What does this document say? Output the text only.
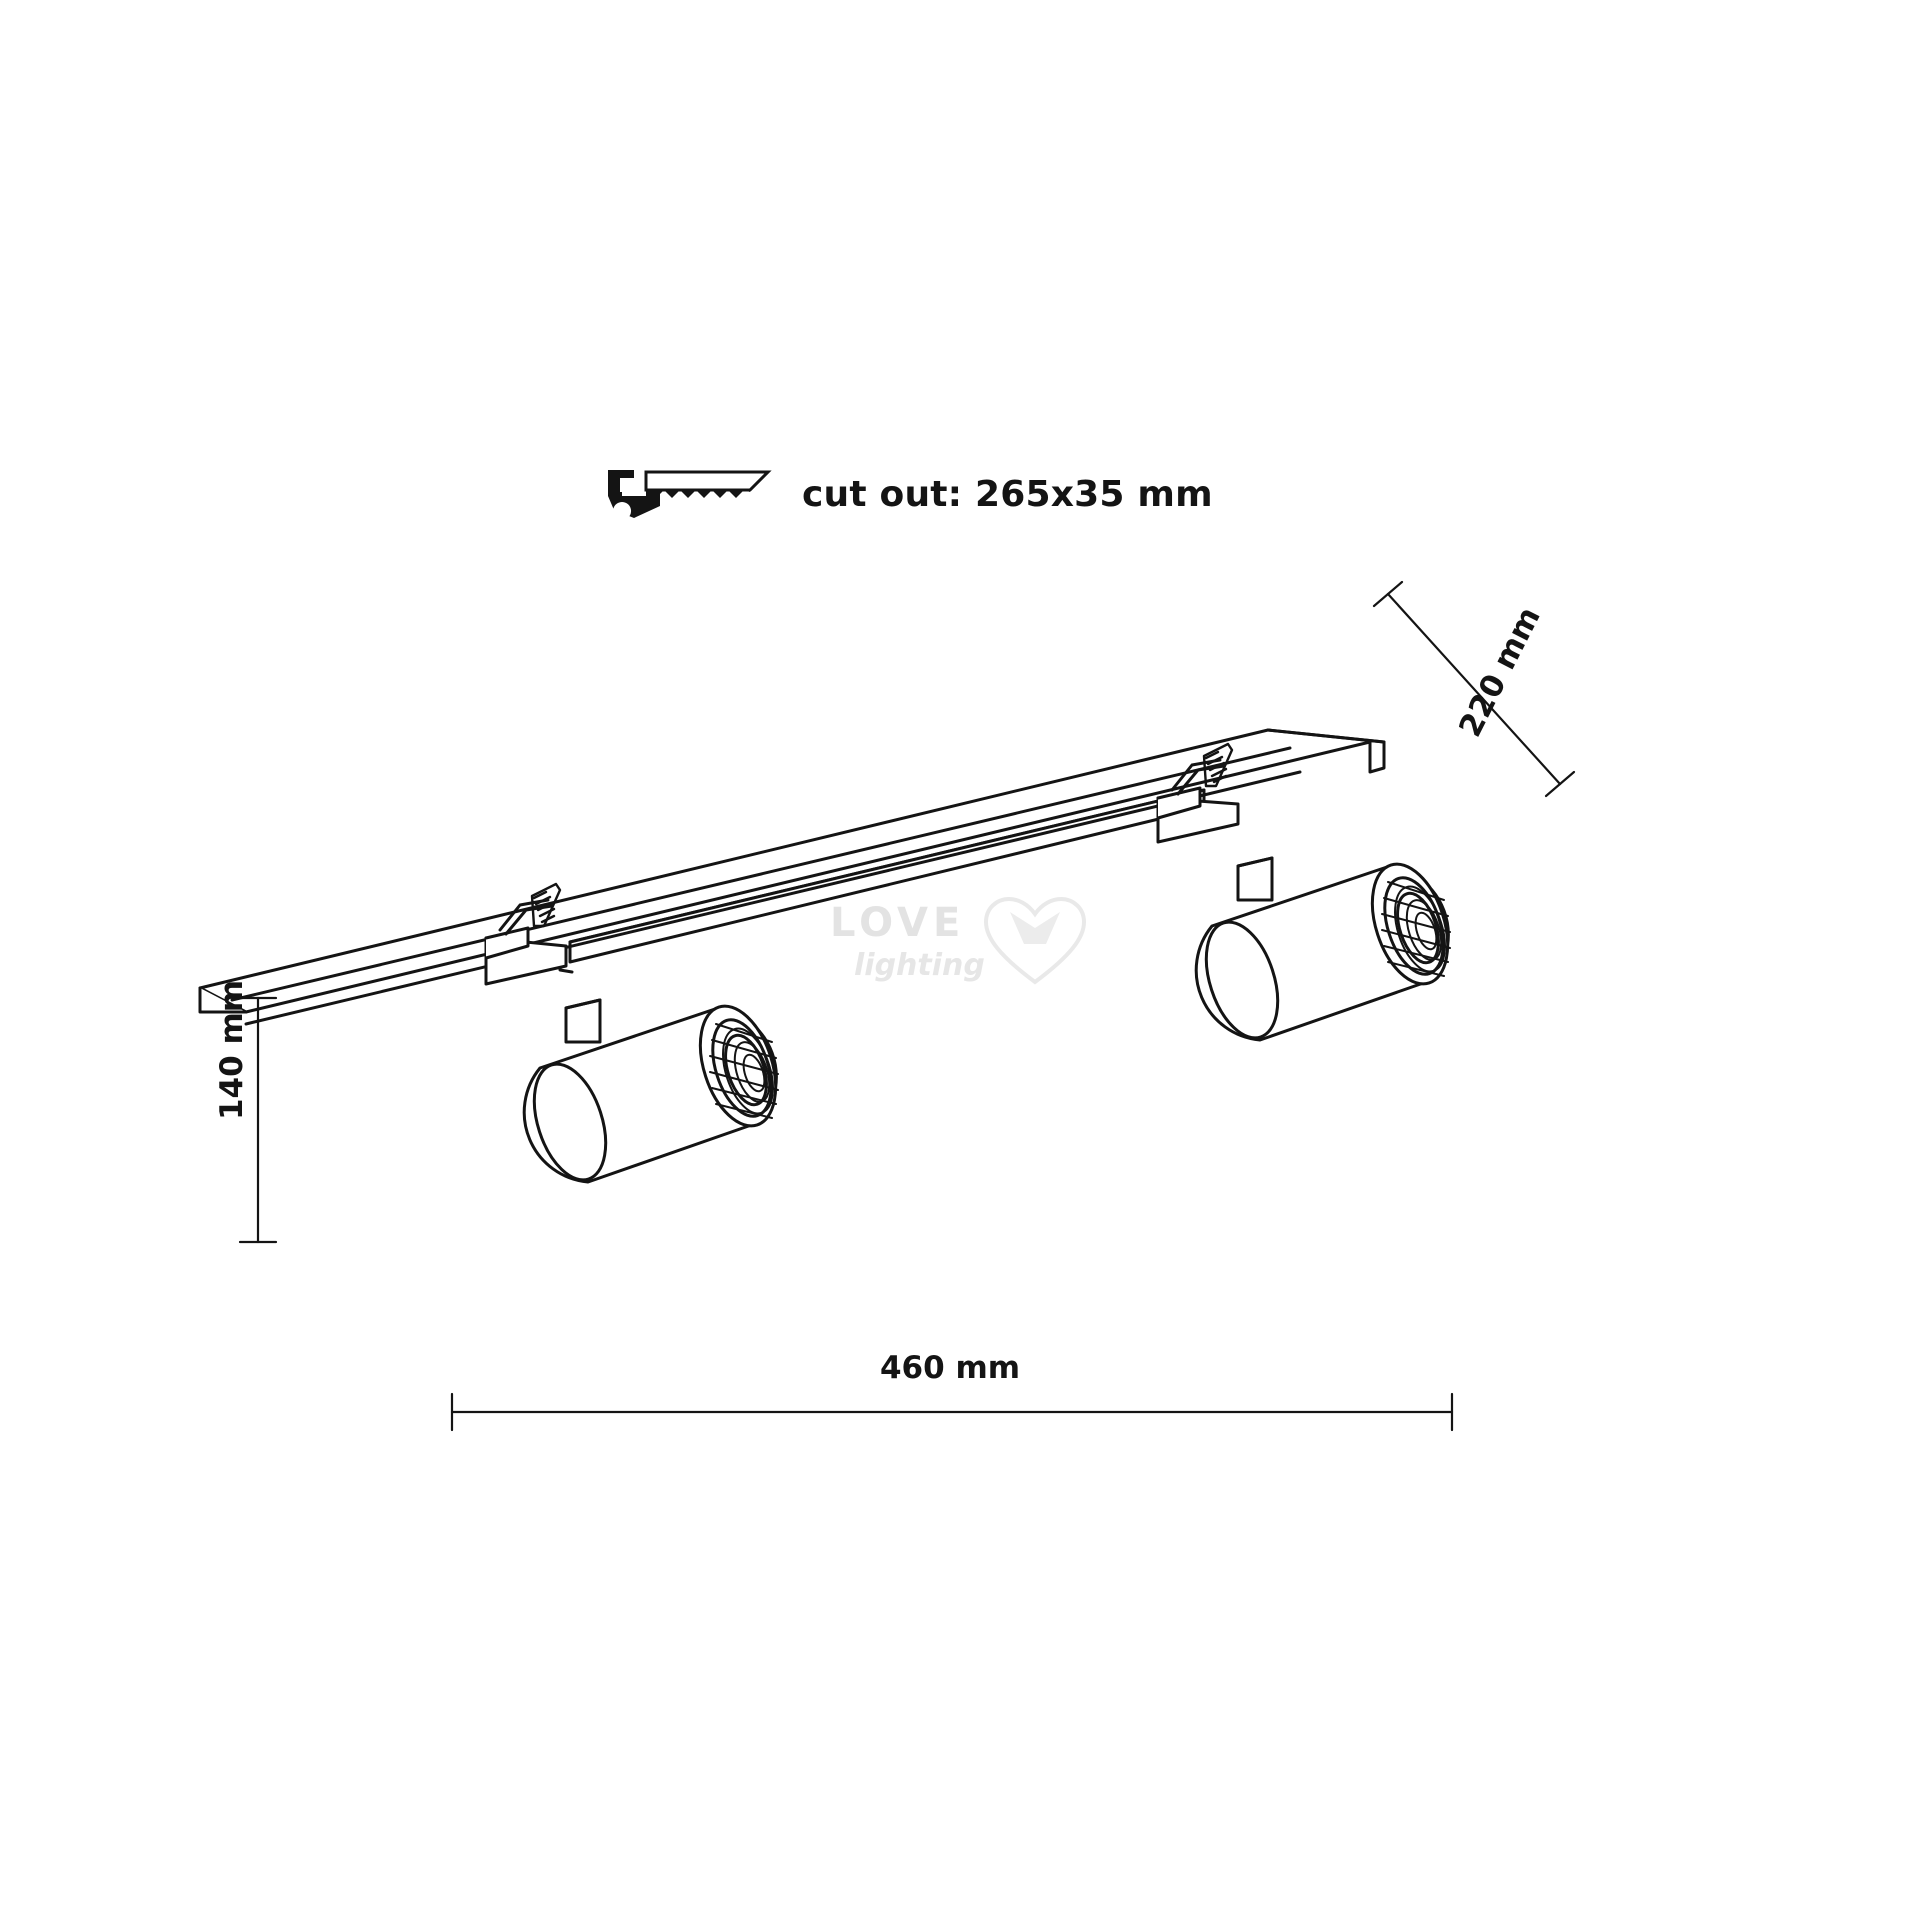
cut out: 265x35 mm
LOVE
lighting
140 mm
220 mm
460 mm
